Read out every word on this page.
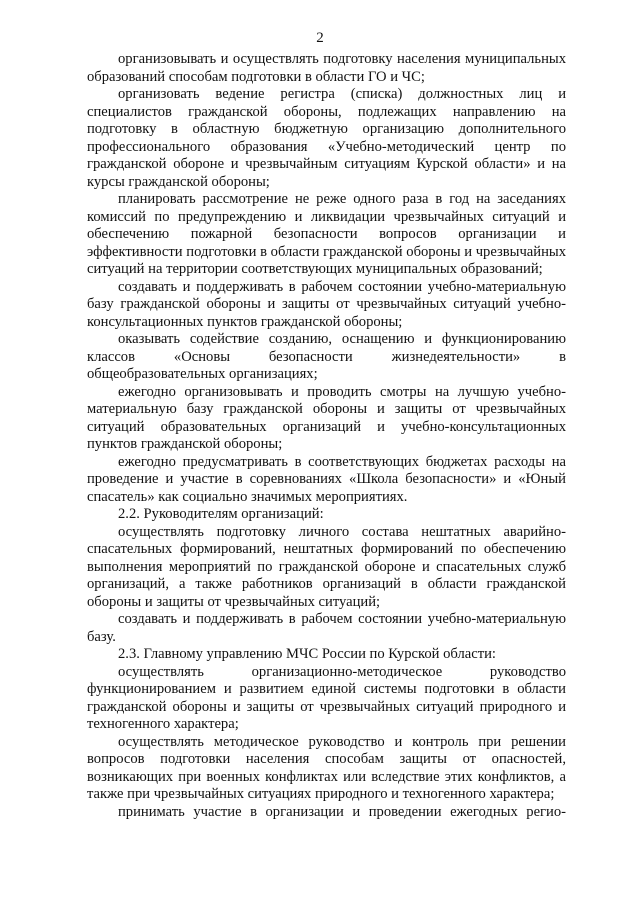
2

организовывать и осуществлять подготовку населения муниципальных образований способам подготовки в области ГО и ЧС;

организовать ведение регистра (списка) должностных лиц и специалистов гражданской обороны, подлежащих направлению на подготовку в областную бюджетную организацию дополнительного профессионального образования «Учебно-методический центр по гражданской обороне и чрезвычайным ситуациям Курской области» и на курсы гражданской обороны;

планировать рассмотрение не реже одного раза в год на заседаниях комиссий по предупреждению и ликвидации чрезвычайных ситуаций и обеспечению пожарной безопасности вопросов организации и эффективности подготовки в области гражданской обороны и чрезвычайных ситуаций на территории соответствующих муниципальных образований;

создавать и поддерживать в рабочем состоянии учебно-материальную базу гражданской обороны и защиты от чрезвычайных ситуаций учебно-консультационных пунктов гражданской обороны;

оказывать содействие созданию, оснащению и функционированию классов «Основы безопасности жизнедеятельности» в общеобразовательных организациях;

ежегодно организовывать и проводить смотры на лучшую учебно-материальную базу гражданской обороны и защиты от чрезвычайных ситуаций образовательных организаций и учебно-консультационных пунктов гражданской обороны;

ежегодно предусматривать в соответствующих бюджетах расходы на проведение и участие в соревнованиях «Школа безопасности» и «Юный спасатель» как социально значимых мероприятиях.

2.2. Руководителям организаций:

осуществлять подготовку личного состава нештатных аварийно-спасательных формирований, нештатных формирований по обеспечению выполнения мероприятий по гражданской обороне и спасательных служб организаций, а также работников организаций в области гражданской обороны и защиты от чрезвычайных ситуаций;

создавать и поддерживать в рабочем состоянии учебно-материальную базу.

2.3. Главному управлению МЧС России по Курской области:

осуществлять организационно-методическое руководство функционированием и развитием единой системы подготовки в области гражданской обороны и защиты от чрезвычайных ситуаций природного и техногенного характера;

осуществлять методическое руководство и контроль при решении вопросов подготовки населения способам защиты от опасностей, возникающих при военных конфликтах или вследствие этих конфликтов, а также при чрезвычайных ситуациях природного и техногенного характера;

принимать участие в организации и проведении ежегодных регио-
